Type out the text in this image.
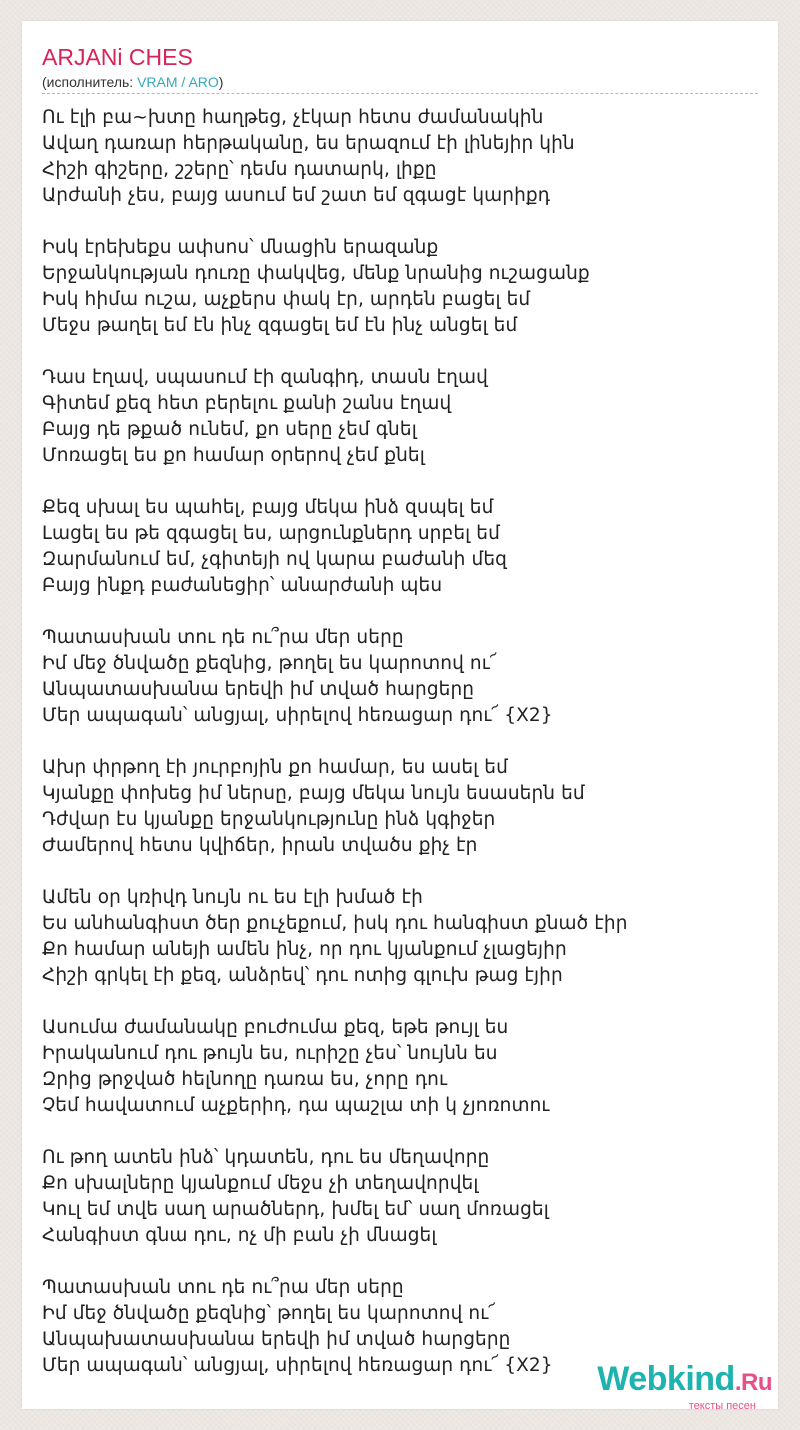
ARJANi CHES
(исполнитель: VRAM / ARO)
Ու էլի բա~խտը հաղթեց, չէկար հետս ժամանակին
Ավաղ դառար հերթականը, ես երազում էի լինեյիր կին
Հիշի գիշերը, շշերը՝ դեմս դատարկ, լիքը
Արժանի չես, բայց ասում եմ շատ եմ զգացէ կարիքդ
Իսկ էրեխեքս ափսոս՝ մնացին երազանք
Երջանկության դուռը փակվեց, մենք նրանից ուշացանք
Իսկ հիմա ուշա, աչքերս փակ էր, արդեն բացել եմ
Մեջս թաղել եմ էն ինչ զգացել եմ էն ինչ անցել եմ
Դաս էղավ, սպասում էի զանգիդ, տասն էղավ
Գիտեմ քեզ հետ բերելու քանի շանս էղավ
Բայց դե թքած ունեմ, քո սերը չեմ գնել
Մոռացել ես քո համար օրերով չեմ քնել
Քեզ սխալ ես պահել, բայց մեկա ինձ զսպել եմ
Լացել ես թե զգացել ես, արցունքներդ սրբել եմ
Զարմանում եմ, չգիտեյի ով կարա բաժանի մեզ
Բայց ինքդ բաժանեցիր՝ անարժանի պես
Պատասխան տու դե ու՞րա մեր սերը
Իմ մեջ ծնվածը քեզնից, թողել ես կարոտով ու՜
Անպատասխանա երեվի իմ տված հարցերը
Մեր ապագան՝ անցյալ, սիրելով հեռացար դու՜ {X2}
Ախր փրթող էի յուրբոյին քո համար, ես ասել եմ
Կյանքը փոխեց իմ ներսը, բայց մեկա նույն եսասերն եմ
Դժվար էս կյանքը երջանկությունը ինձ կգիջեր
Ժամերով հետս կվիճեր, իրան տվածս քիչ էր
Ամեն օր կռիվդ նույն ու ես էլի խմած էի
Ես անհանգիստ ծեր քուչեքում, իսկ դու հանգիստ քնած էիր
Քո համար անեյի ամեն ինչ, որ դու կյանքում չլացեյիր
Հիշի գրկել էի քեզ, անձրեվ՝ դու ոտից գլուխ թաց էյիր
Ասումա ժամանակը բուժումա քեզ, եթե թույլ ես
Իրականում դու թույն ես, ուրիշը չես՝ նույնն ես
Զրից թրջված հելնողը դառա ես, չորը դու
Չեմ հավատում աչքերիդ, դա պաշլա տի կ չյոռոտու
Ու թող ատեն ինձ՝ կդատեն, դու ես մեղավորը
Քո սխալները կյանքում մեջս չի տեղավորվել
Կուլ եմ տվե սաղ արածներդ, խմել եմ՝ սաղ մոռացել
Հանգիստ գնա դու, ոչ մի բան չի մնացել
Պատասխան տու դե ու՞րա մեր սերը
Իմ մեջ ծնվածը քեզնից՝ թողել ես կարոտով ու՜
Անպախատասխանա երեվի իմ տված հարցերը
Մեր ապագան՝ անցյալ, սիրելով հեռացար դու՜ {X2}	Webkind.Ru
тексты песен
